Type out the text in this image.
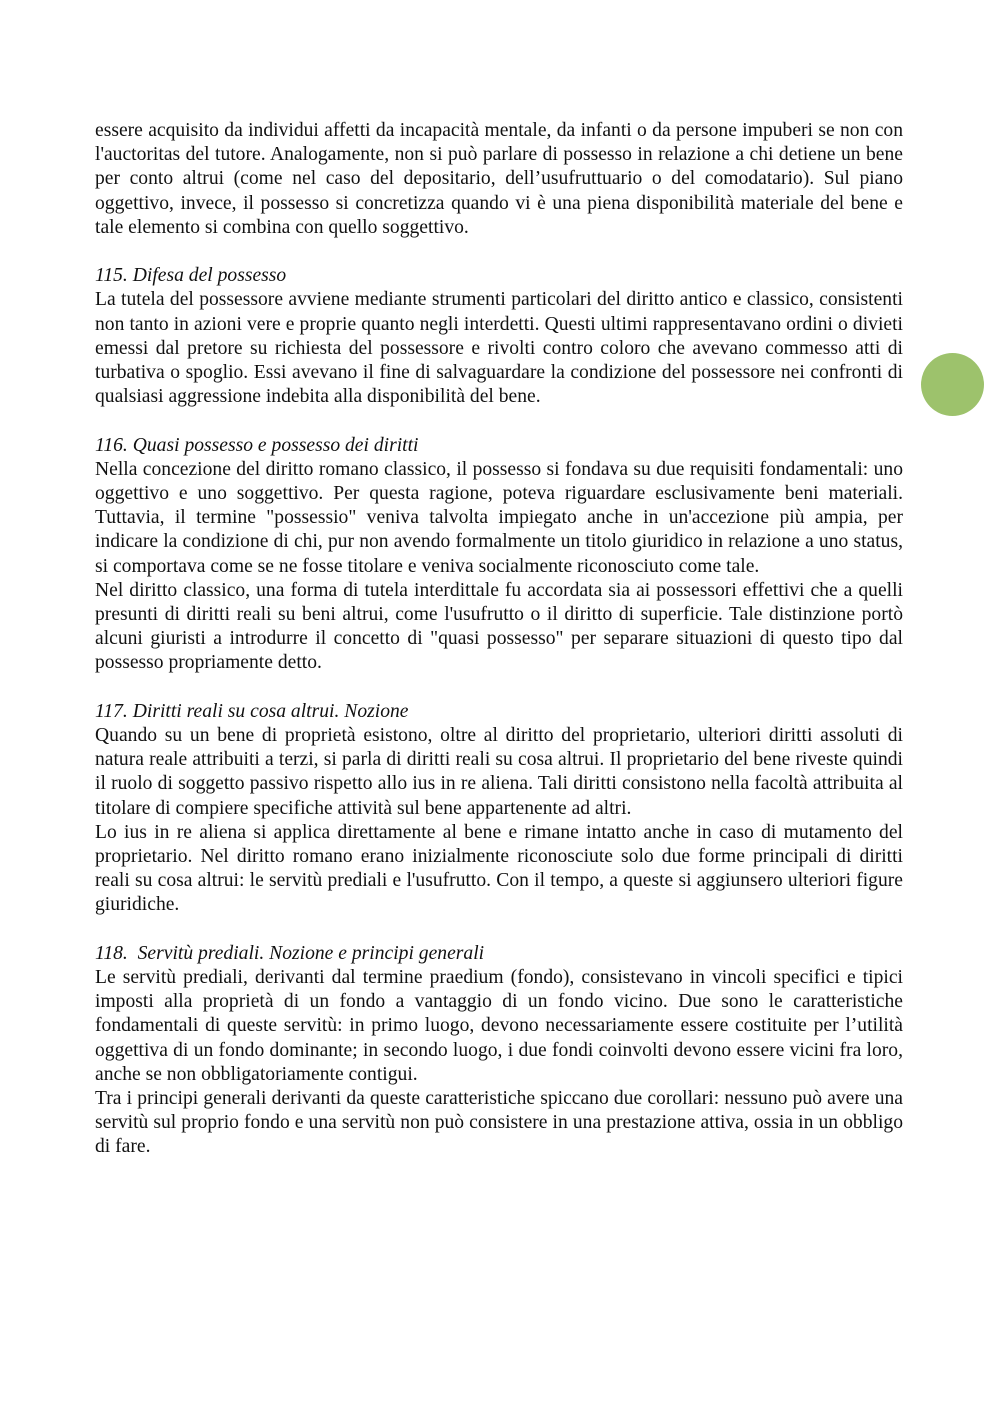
essere acquisito da individui affetti da incapacità mentale, da infanti o da persone impuberi se non con l'auctoritas del tutore. Analogamente, non si può parlare di possesso in relazione a chi detiene un bene per conto altrui (come nel caso del depositario, dell’usufruttuario o del comodatario). Sul piano oggettivo, invece, il possesso si concretizza quando vi è una piena disponibilità materiale del bene e tale elemento si combina con quello soggettivo.

115. Difesa del possesso

La tutela del possessore avviene mediante strumenti particolari del diritto antico e classico, consistenti non tanto in azioni vere e proprie quanto negli interdetti. Questi ultimi rappresentavano ordini o divieti emessi dal pretore su richiesta del possessore e rivolti contro coloro che avevano commesso atti di turbativa o spoglio. Essi avevano il fine di salvaguardare la condizione del possessore nei confronti di qualsiasi aggressione indebita alla disponibilità del bene.

116. Quasi possesso e possesso dei diritti

Nella concezione del diritto romano classico, il possesso si fondava su due requisiti fondamentali: uno oggettivo e uno soggettivo. Per questa ragione, poteva riguardare esclusivamente beni materiali. Tuttavia, il termine "possessio" veniva talvolta impiegato anche in un'accezione più ampia, per indicare la condizione di chi, pur non avendo formalmente un titolo giuridico in relazione a uno status, si comportava come se ne fosse titolare e veniva socialmente riconosciuto come tale.

Nel diritto classico, una forma di tutela interdittale fu accordata sia ai possessori effettivi che a quelli presunti di diritti reali su beni altrui, come l'usufrutto o il diritto di superficie. Tale distinzione portò alcuni giuristi a introdurre il concetto di "quasi possesso" per separare situazioni di questo tipo dal possesso propriamente detto.

117. Diritti reali su cosa altrui. Nozione

Quando su un bene di proprietà esistono, oltre al diritto del proprietario, ulteriori diritti assoluti di natura reale attribuiti a terzi, si parla di diritti reali su cosa altrui. Il proprietario del bene riveste quindi il ruolo di soggetto passivo rispetto allo ius in re aliena. Tali diritti consistono nella facoltà attribuita al titolare di compiere specifiche attività sul bene appartenente ad altri.

Lo ius in re aliena si applica direttamente al bene e rimane intatto anche in caso di mutamento del proprietario. Nel diritto romano erano inizialmente riconosciute solo due forme principali di diritti reali su cosa altrui: le servitù prediali e l'usufrutto. Con il tempo, a queste si aggiunsero ulteriori figure giuridiche.

118.  Servitù prediali. Nozione e principi generali

Le servitù prediali, derivanti dal termine praedium (fondo), consistevano in vincoli specifici e tipici imposti alla proprietà di un fondo a vantaggio di un fondo vicino. Due sono le caratteristiche fondamentali di queste servitù: in primo luogo, devono necessariamente essere costituite per l’utilità oggettiva di un fondo dominante; in secondo luogo, i due fondi coinvolti devono essere vicini fra loro, anche se non obbligatoriamente contigui.

Tra i principi generali derivanti da queste caratteristiche spiccano due corollari: nessuno può avere una servitù sul proprio fondo e una servitù non può consistere in una prestazione attiva, ossia in un obbligo di fare.
